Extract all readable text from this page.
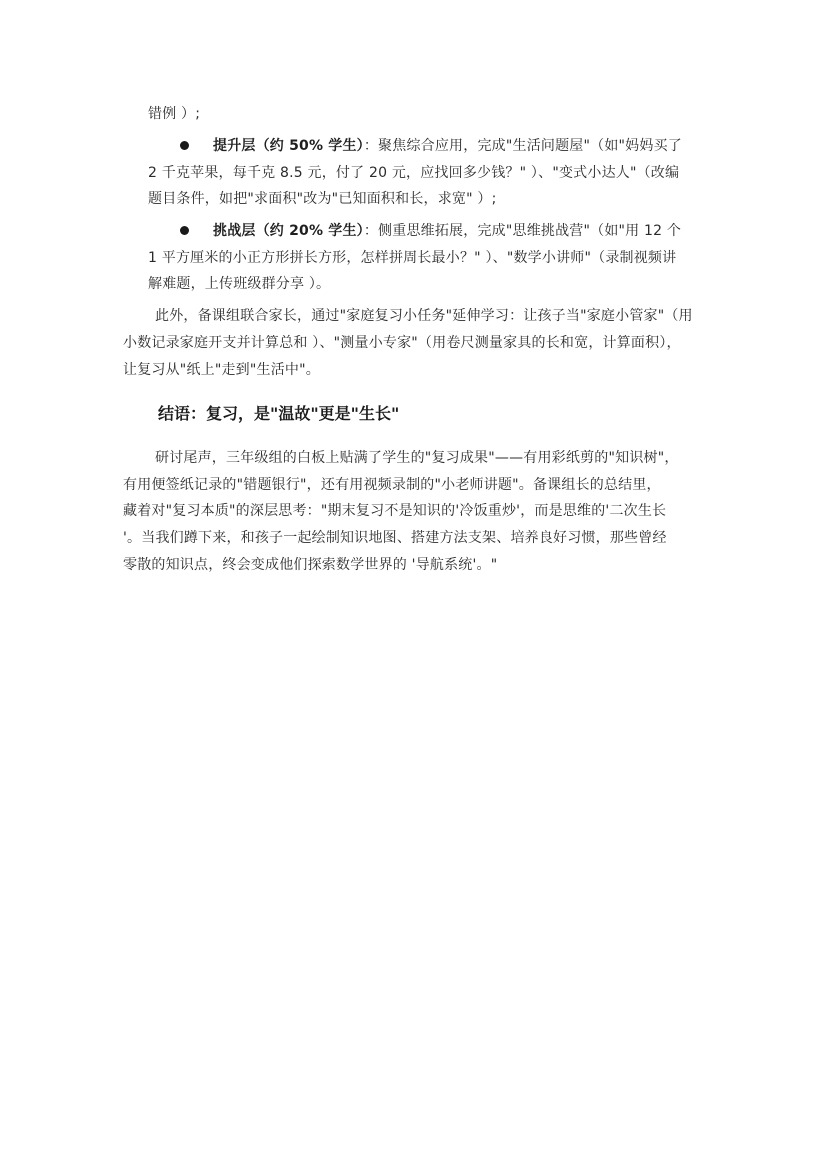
错例 ）;
提升层（约 50% 学生）：聚焦综合应用，完成"生活问题屋"（如"妈妈买了
2 千克苹果，每千克 8.5 元，付了 20 元，应找回多少钱？" ）、"变式小达人"（改编
题目条件，如把"求面积"改为"已知面积和长，求宽" ）;
挑战层（约 20% 学生）：侧重思维拓展，完成"思维挑战营"（如"用 12 个
1 平方厘米的小正方形拼长方形，怎样拼周长最小？" ）、"数学小讲师"（录制视频讲
解难题，上传班级群分享 ）。
此外，备课组联合家长，通过"家庭复习小任务"延伸学习：让孩子当"家庭小管家"（用
小数记录家庭开支并计算总和 ）、"测量小专家"（用卷尺测量家具的长和宽，计算面积），
让复习从"纸上"走到"生活中"。
结语：复习，是"温故"更是"生长"
研讨尾声，三年级组的白板上贴满了学生的"复习成果"——有用彩纸剪的"知识树"，
有用便签纸记录的"错题银行"，还有用视频录制的"小老师讲题"。备课组长的总结里，
藏着对"复习本质"的深层思考："期末复习不是知识的'冷饭重炒'，而是思维的'二次生长
'。当我们蹲下来，和孩子一起绘制知识地图、搭建方法支架、培养良好习惯，那些曾经
零散的知识点，终会变成他们探索数学世界的 '导航系统'。"
